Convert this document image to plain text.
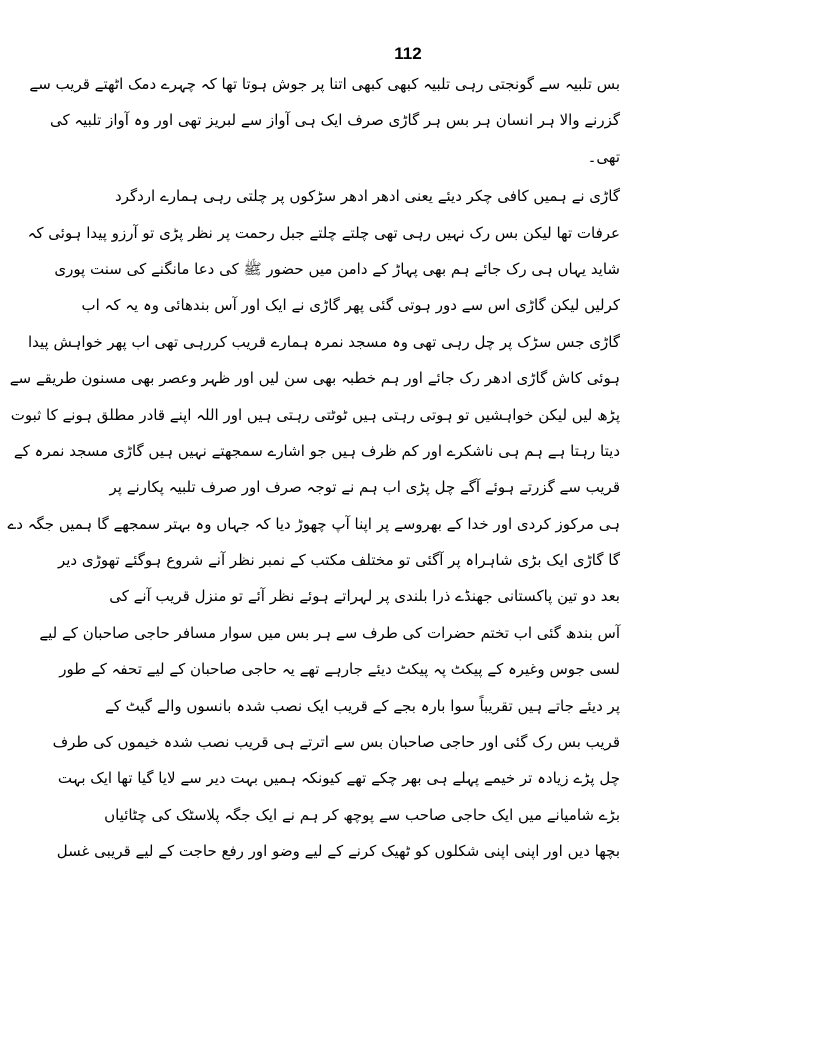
112
بس تلبیہ سے گونجتی رہی تلبیہ کبھی کبھی اتنا پر جوش ہوتا تھا کہ چہرے دمک اٹھتے قریب سے
گزرنے والا ہر انسان ہر بس ہر گاڑی صرف ایک ہی آواز سے لبریز تھی اور وہ آواز تلبیہ کی
تھی۔
گاڑی نے ہمیں کافی چکر دیئے یعنی ادھر ادھر سڑکوں پر چلتی رہی ہمارے اردگرد
عرفات تھا لیکن بس رک نہیں رہی تھی چلتے چلتے جبل رحمت پر نظر پڑی تو آرزو پیدا ہوئی کہ
شاید یہاں ہی رک جائے ہم بھی پہاڑ کے دامن میں حضور ﷺ کی دعا مانگنے کی سنت پوری
کرلیں لیکن گاڑی اس سے دور ہوتی گئی پھر گاڑی نے ایک اور آس بندھائی وہ یہ کہ اب
گاڑی جس سڑک پر چل رہی تھی وہ مسجد نمرہ ہمارے قریب کررہی تھی اب پھر خواہش پیدا
ہوئی کاش گاڑی ادھر رک جائے اور ہم خطبہ بھی سن لیں اور ظہر وعصر بھی مسنون طریقے سے
پڑھ لیں لیکن خواہشیں تو ہوتی رہتی ہیں ٹوٹتی رہتی ہیں اور اللہ اپنے قادر مطلق ہونے کا ثبوت
دیتا رہتا ہے ہم ہی ناشکرے اور کم ظرف ہیں جو اشارے سمجھتے نہیں ہیں گاڑی مسجد نمرہ کے
قریب سے گزرتے ہوئے آگے چل پڑی اب ہم نے توجہ صرف اور صرف تلبیہ پکارنے پر
ہی مرکوز کردی اور خدا کے بھروسے پر اپنا آپ چھوڑ دیا کہ جہاں وہ بہتر سمجھے گا ہمیں جگہ دے
گا گاڑی ایک بڑی شاہراہ پر آگئی تو مختلف مکتب کے نمبر نظر آنے شروع ہوگئے تھوڑی دیر
بعد دو تین پاکستانی جھنڈے ذرا بلندی پر لہراتے ہوئے نظر آئے تو منزل قریب آنے کی
آس بندھ گئی اب تختم حضرات کی طرف سے ہر بس میں سوار مسافر حاجی صاحبان کے لیے
لسی جوس وغیرہ کے پیکٹ پہ پیکٹ دیئے جارہے تھے یہ حاجی صاحبان کے لیے تحفہ کے طور
پر دیئے جاتے ہیں تقریباً سوا بارہ بجے کے قریب ایک نصب شدہ بانسوں والے گیٹ کے
قریب بس رک گئی اور حاجی صاحبان بس سے اترتے ہی قریب نصب شدہ خیموں کی طرف
چل پڑے زیادہ تر خیمے پہلے ہی بھر چکے تھے کیونکہ ہمیں بہت دیر سے لایا گیا تھا ایک بہت
بڑے شامیانے میں ایک حاجی صاحب سے پوچھ کر ہم نے ایک جگہ پلاسٹک کی چٹائیاں
بچھا دیں اور اپنی اپنی شکلوں کو ٹھیک کرنے کے لیے وضو اور رفع حاجت کے لیے قریبی غسل
